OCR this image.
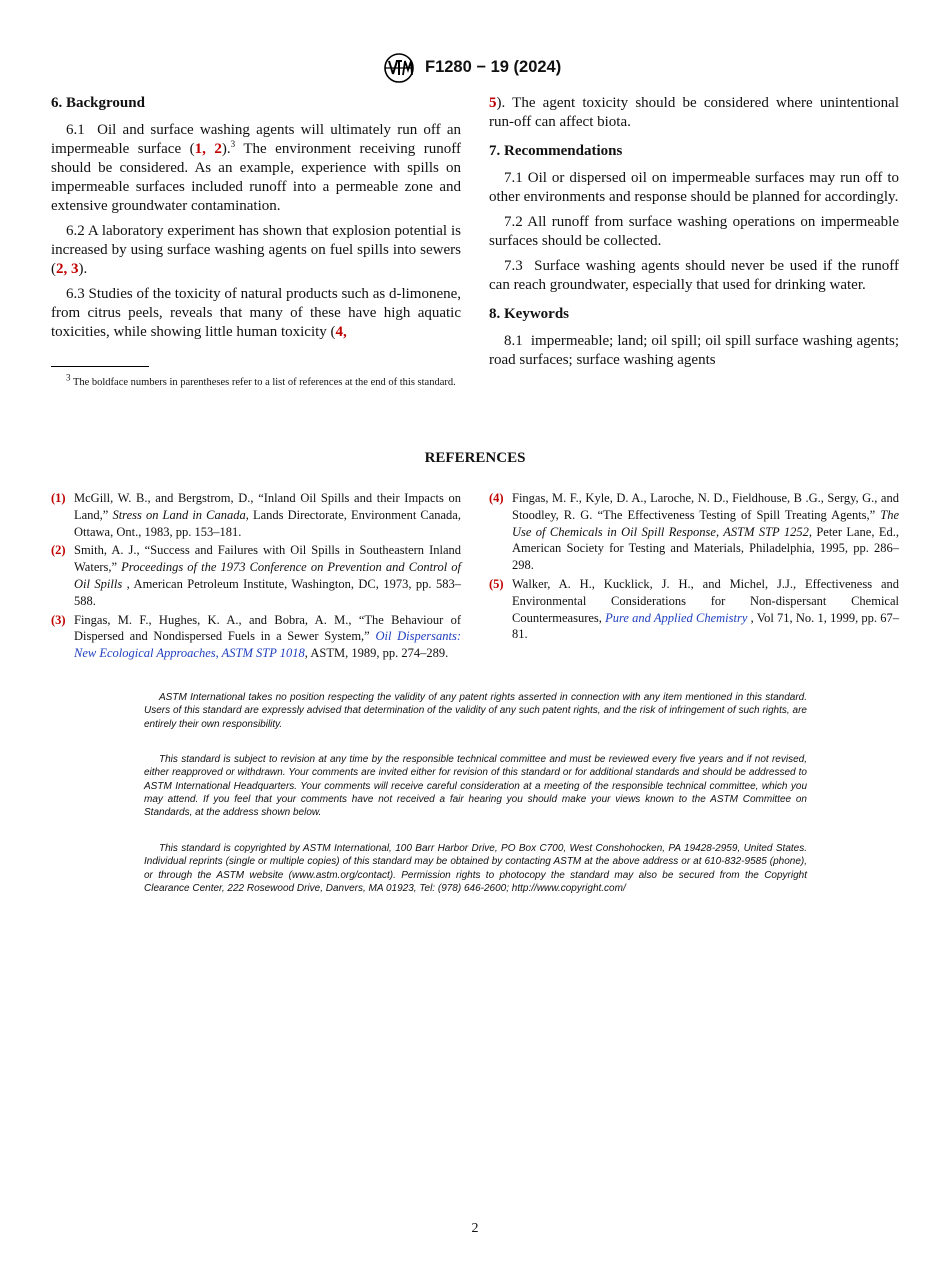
F1280 − 19 (2024)
6. Background

6.1 Oil and surface washing agents will ultimately run off an impermeable surface (1, 2).$^3$ The environment receiving runoff should be considered. As an example, experience with spills on impermeable surfaces included runoff into a permeable zone and extensive groundwater contamination.

6.2 A laboratory experiment has shown that explosion potential is increased by using surface washing agents on fuel spills into sewers (2, 3).

6.3 Studies of the toxicity of natural products such as d-limonene, from citrus peels, reveals that many of these have high aquatic toxicities, while showing little human toxicity (4,

$^3$ The boldface numbers in parentheses refer to a list of references at the end of this standard.

5). The agent toxicity should be considered where unintentional run-off can affect biota.

7. Recommendations

7.1 Oil or dispersed oil on impermeable surfaces may run off to other environments and response should be planned for accordingly.

7.2 All runoff from surface washing operations on impermeable surfaces should be collected.

7.3 Surface washing agents should never be used if the runoff can reach groundwater, especially that used for drinking water.

8. Keywords

8.1 impermeable; land; oil spill; oil spill surface washing agents; road surfaces; surface washing agents

REFERENCES
(1) McGill, W. B., and Bergstrom, D., “Inland Oil Spills and their Impacts on Land,” Stress on Land in Canada, Lands Directorate, Environment Canada, Ottawa, Ont., 1983, pp. 153–181.
(2) Smith, A. J., “Success and Failures with Oil Spills in Southeastern Inland Waters,” Proceedings of the 1973 Conference on Prevention and Control of Oil Spills , American Petroleum Institute, Washington, DC, 1973, pp. 583–588.
(3) Fingas, M. F., Hughes, K. A., and Bobra, A. M., “The Behaviour of Dispersed and Nondispersed Fuels in a Sewer System,” Oil Dispersants: New Ecological Approaches, ASTM STP 1018, ASTM, 1989, pp. 274–289.
(4) Fingas, M. F., Kyle, D. A., Laroche, N. D., Fieldhouse, B .G., Sergy, G., and Stoodley, R. G. “The Effectiveness Testing of Spill Treating Agents,” The Use of Chemicals in Oil Spill Response, ASTM STP 1252, Peter Lane, Ed., American Society for Testing and Materials, Philadelphia, 1995, pp. 286–298.
(5) Walker, A. H., Kucklick, J. H., and Michel, J.J., Effectiveness and Environmental Considerations for Non-dispersant Chemical Countermeasures, Pure and Applied Chemistry , Vol 71, No. 1, 1999, pp. 67–81.
ASTM International takes no position respecting the validity of any patent rights asserted in connection with any item mentioned in this standard. Users of this standard are expressly advised that determination of the validity of any such patent rights, and the risk of infringement of such rights, are entirely their own responsibility.
This standard is subject to revision at any time by the responsible technical committee and must be reviewed every five years and if not revised, either reapproved or withdrawn. Your comments are invited either for revision of this standard or for additional standards and should be addressed to ASTM International Headquarters. Your comments will receive careful consideration at a meeting of the responsible technical committee, which you may attend. If you feel that your comments have not received a fair hearing you should make your views known to the ASTM Committee on Standards, at the address shown below.
This standard is copyrighted by ASTM International, 100 Barr Harbor Drive, PO Box C700, West Conshohocken, PA 19428-2959, United States. Individual reprints (single or multiple copies) of this standard may be obtained by contacting ASTM at the above address or at 610-832-9585 (phone), or through the ASTM website (www.astm.org/contact). Permission rights to photocopy the standard may also be secured from the Copyright Clearance Center, 222 Rosewood Drive, Danvers, MA 01923, Tel: (978) 646-2600; http://www.copyright.com/
2
